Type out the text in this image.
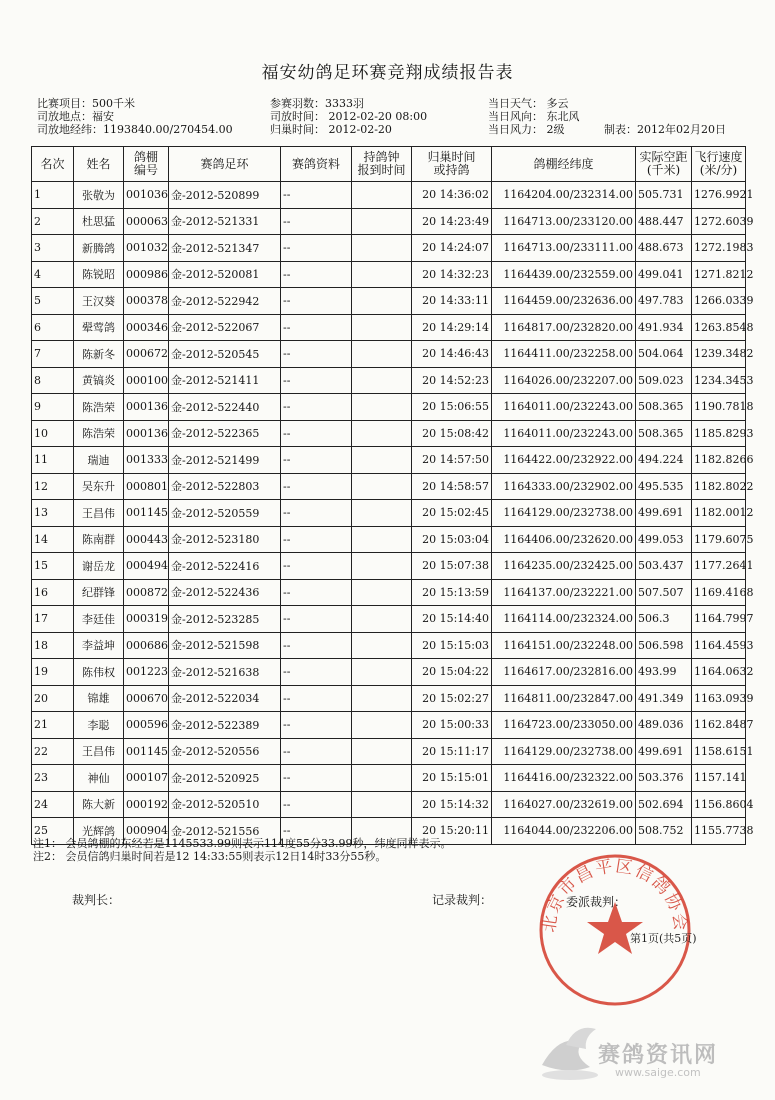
福安幼鸽足环赛竞翔成绩报告表
比赛项目：500千米
司放地点：福安
司放地经纬：1193840.00/270454.00
参赛羽数：3333羽
司放时间： 2012-02-20 08:00
归巢时间： 2012-02-20
当日天气： 多云
当日风向： 东北风
当日风力： 2级	制表：2012年02月20日
名次	姓名	鸽棚
编号	赛鸽足环	赛鸽资料	持鸽钟
报到时间	归巢时间
或持鸽	鸽棚经纬度	实际空距
(千米)	飞行速度
(米/分)
1	张敬为	001036	金-2012-520899	--		20 14:36:02	1164204.00/232314.00	505.731	1276.9921
2	杜思猛	000063	金-2012-521331	--		20 14:23:49	1164713.00/233120.00	488.447	1272.6039
3	新腾鸽	001032	金-2012-521347	--		20 14:24:07	1164713.00/233111.00	488.673	1272.1983
4	陈锐昭	000986	金-2012-520081	--		20 14:32:23	1164439.00/232559.00	499.041	1271.8212
5	王汉葵	000378	金-2012-522942	--		20 14:33:11	1164459.00/232636.00	497.783	1266.0339
6	翚莺鸽	000346	金-2012-522067	--		20 14:29:14	1164817.00/232820.00	491.934	1263.8548
7	陈新冬	000672	金-2012-520545	--		20 14:46:43	1164411.00/232258.00	504.064	1239.3482
8	黄镐炎	000100	金-2012-521411	--		20 14:52:23	1164026.00/232207.00	509.023	1234.3453
9	陈浩荣	000136	金-2012-522440	--		20 15:06:55	1164011.00/232243.00	508.365	1190.7818
10	陈浩荣	000136	金-2012-522365	--		20 15:08:42	1164011.00/232243.00	508.365	1185.8293
11	瑞迪	001333	金-2012-521499	--		20 14:57:50	1164422.00/232922.00	494.224	1182.8266
12	吴东升	000801	金-2012-522803	--		20 14:58:57	1164333.00/232902.00	495.535	1182.8022
13	王昌伟	001145	金-2012-520559	--		20 15:02:45	1164129.00/232738.00	499.691	1182.0012
14	陈南群	000443	金-2012-523180	--		20 15:03:04	1164406.00/232620.00	499.053	1179.6075
15	谢岳龙	000494	金-2012-522416	--		20 15:07:38	1164235.00/232425.00	503.437	1177.2641
16	纪群锋	000872	金-2012-522436	--		20 15:13:59	1164137.00/232221.00	507.507	1169.4168
17	李廷佳	000319	金-2012-523285	--		20 15:14:40	1164114.00/232324.00	506.3	1164.7997
18	李益坤	000686	金-2012-521598	--		20 15:15:03	1164151.00/232248.00	506.598	1164.4593
19	陈伟权	001223	金-2012-521638	--		20 15:04:22	1164617.00/232816.00	493.99	1164.0632
20	锦雄	000670	金-2012-522034	--		20 15:02:27	1164811.00/232847.00	491.349	1163.0939
21	李聪	000596	金-2012-522389	--		20 15:00:33	1164723.00/233050.00	489.036	1162.8487
22	王昌伟	001145	金-2012-520556	--		20 15:11:17	1164129.00/232738.00	499.691	1158.6151
23	神仙	000107	金-2012-520925	--		20 15:15:01	1164416.00/232322.00	503.376	1157.141
24	陈大新	000192	金-2012-520510	--		20 15:14:32	1164027.00/232619.00	502.694	1156.8604
25	光辉鸽	000904	金-2012-521556	--		20 15:20:11	1164044.00/232206.00	508.752	1155.7738
注1： 会员鸽棚的东经若是1145533.99则表示114度55分33.99秒，纬度同样表示。
注2： 会员信鸽归巢时间若是12 14:33:55则表示12日14时33分55秒。
裁判长：	记录裁判：	委派裁判：
北京市昌平区信鸽协会
第1页(共5页)
赛鸽资讯网
www.saige.com
